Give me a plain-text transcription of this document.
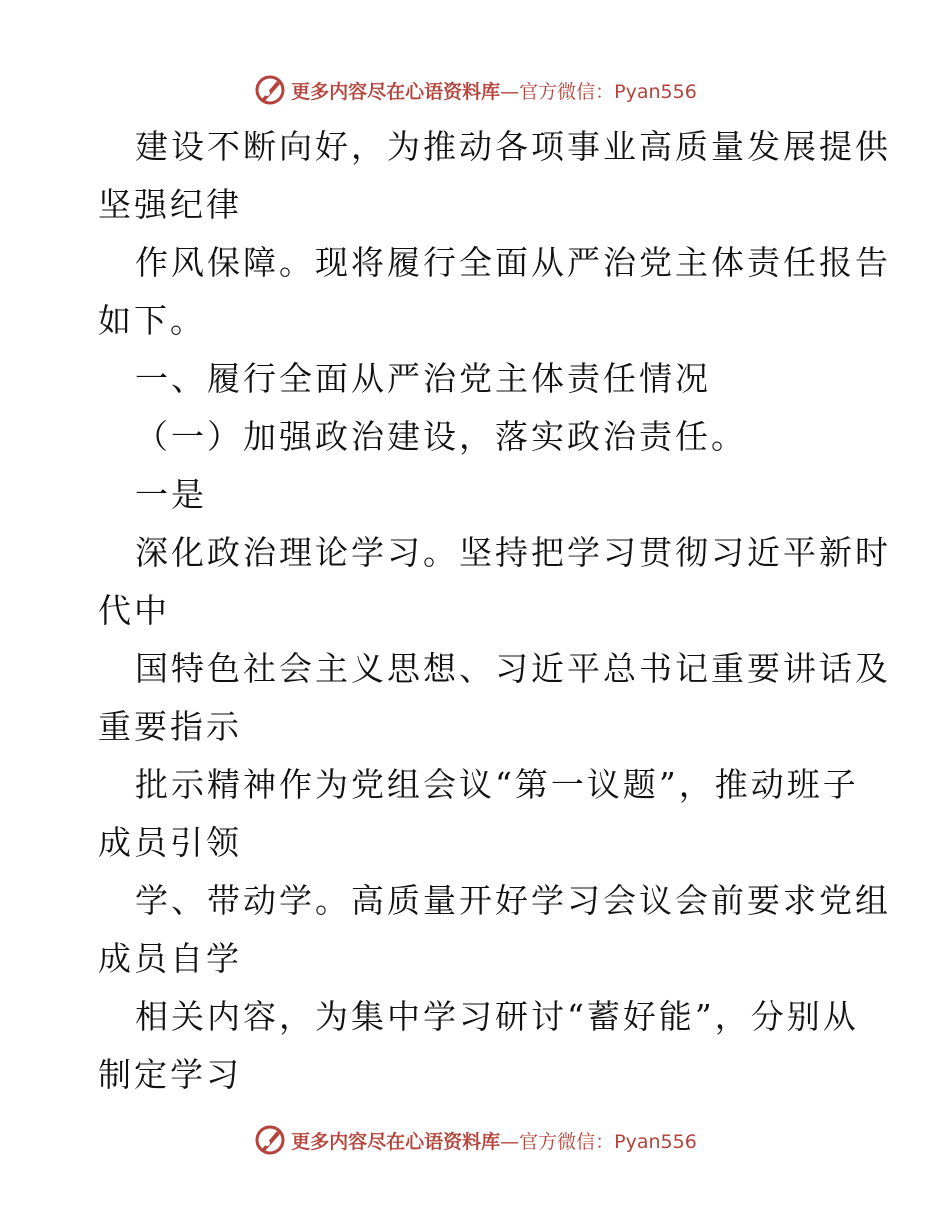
更多内容尽在心语资料库—官方微信：Pyan556
建设不断向好，为推动各项事业高质量发展提供
坚强纪律
作风保障。现将履行全面从严治党主体责任报告
如下。
一、履行全面从严治党主体责任情况
（一）加强政治建设，落实政治责任。
一是
深化政治理论学习。坚持把学习贯彻习近平新时
代中
国特色社会主义思想、习近平总书记重要讲话及
重要指示
批示精神作为党组会议“第一议题”，推动班子
成员引领
学、带动学。高质量开好学习会议会前要求党组
成员自学
相关内容，为集中学习研讨“蓄好能”，分别从
制定学习
更多内容尽在心语资料库—官方微信：Pyan556
